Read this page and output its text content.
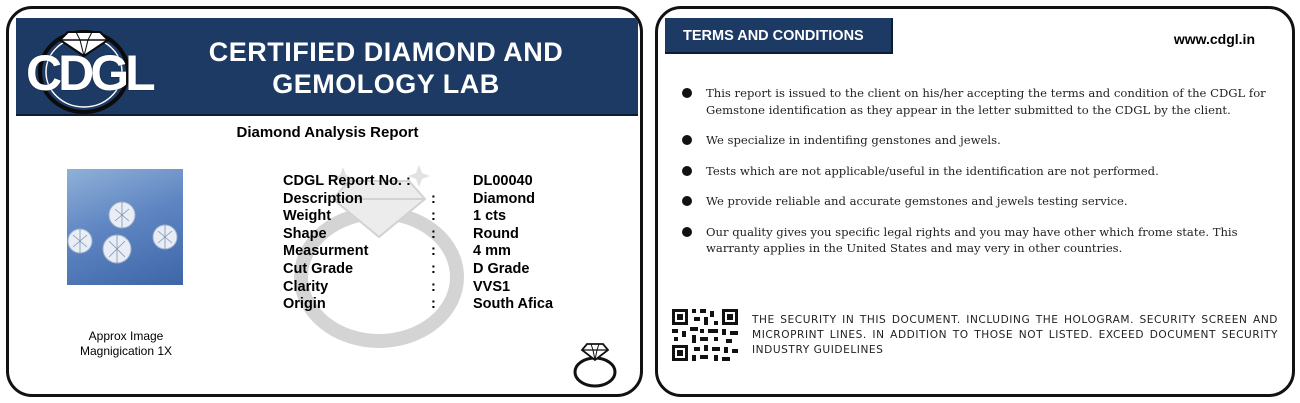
CDGL	CERTIFIED DIAMOND AND
GEMOLOGY LAB
Diamond Analysis Report
Approx Image
Magnigication 1X
CDGL Report No. :	DL00040
Description	:	Diamond
Weight	:	1 cts
Shape	:	Round
Measurment	:	4 mm
Cut Grade	:	D Grade
Clarity	:	VVS1
Origin	:	South Afica
TERMS AND CONDITIONS	www.cdgl.in
This report is issued to the client on his/her accepting the terms and condition of the CDGL for Gemstone identification as they appear in the letter submitted to the CDGL by the client.
We specialize in indentifing genstones and jewels.
Tests which are not applicable/useful in the identification are not performed.
We provide reliable and accurate gemstones and jewels testing service.
Our quality gives you specific legal rights and you may have other which frome state. This warranty applies in the United States and may very in other countries.
THE SECURITY IN THIS DOCUMENT. INCLUDING THE HOLOGRAM. SECURITY SCREEN AND MICROPRINT LINES. IN ADDITION TO THOSE NOT LISTED. EXCEED DOCUMENT SECURITY INDUSTRY GUIDELINES
